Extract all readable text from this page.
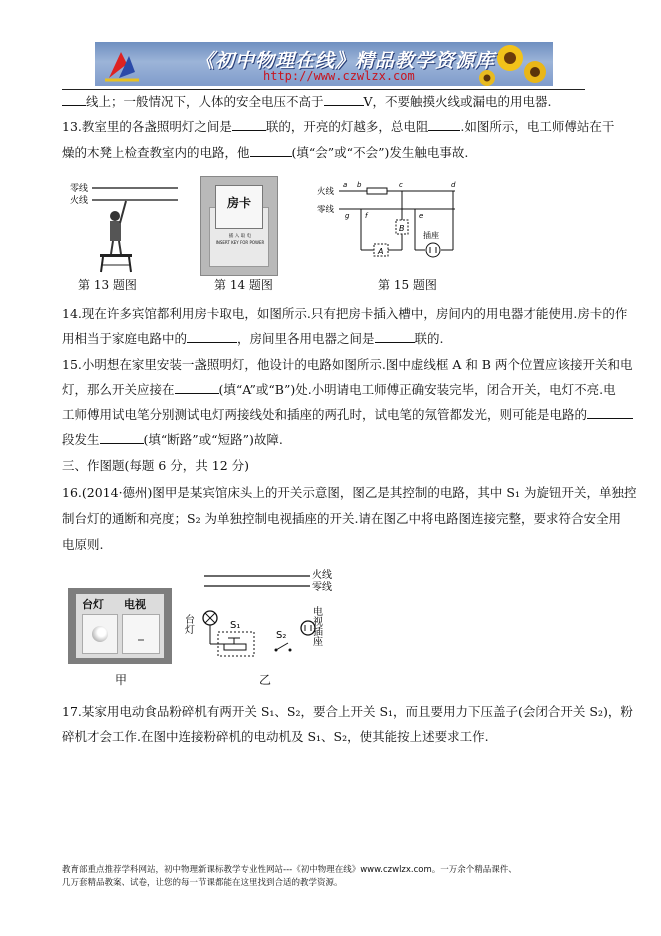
《初中物理在线》精品教学资源库
http://www.czwlzx.com
线上；一般情况下，人体的安全电压不高于	V，不要触摸火线或漏电的用电器.
13.教室里的各盏照明灯之间是	联的，开亮的灯越多，总电阻	.如图所示，电工师傅站在干
燥的木凳上检查教室内的电路，他	(填“会”或“不会”)发生触电事故.
零线
火线
第 13 题图
房卡
插 入 取 电
INSERT KEY FOR POWER
第 14 题图
火线
零线
a b	c	d
g f	e
B
A
插座
第 15 题图
14.现在许多宾馆都利用房卡取电，如图所示.只有把房卡插入槽中，房间内的用电器才能使用.房卡的作
用相当于家庭电路中的	，房间里各用电器之间是	联的.
15.小明想在家里安装一盏照明灯，他设计的电路如图所示.图中虚线框 A 和 B 两个位置应该接开关和电
灯，那么开关应接在	(填“A”或“B”)处.小明请电工师傅正确安装完毕，闭合开关，电灯不亮.电
工师傅用试电笔分别测试电灯两接线处和插座的两孔时，试电笔的氖管都发光，则可能是电路的
段发生	(填“断路”或“短路”)故障.
三、作图题(每题 6 分，共 12 分)
16.(2014·德州)图甲是某宾馆床头上的开关示意图，图乙是其控制的电路，其中 S₁ 为旋钮开关，单独控
制台灯的通断和亮度；S₂ 为单独控制电视插座的开关.请在图乙中将电路图连接完整，要求符合安全用
电原则.
台灯 电视
甲
火线
零线
台灯	S₁
S₂ 电视插座
乙
17.某家用电动食品粉碎机有两开关 S₁、S₂，要合上开关 S₁，而且要用力下压盖子(会闭合开关 S₂)，粉
碎机才会工作.在图中连接粉碎机的电动机及 S₁、S₂，使其能按上述要求工作.
教育部重点推荐学科网站，初中物理新课标教学专业性网站---《初中物理在线》www.czwlzx.com。一万余个精品课件、
几万套精品教案、试卷，让您的每一节课都能在这里找到合适的教学资源。
